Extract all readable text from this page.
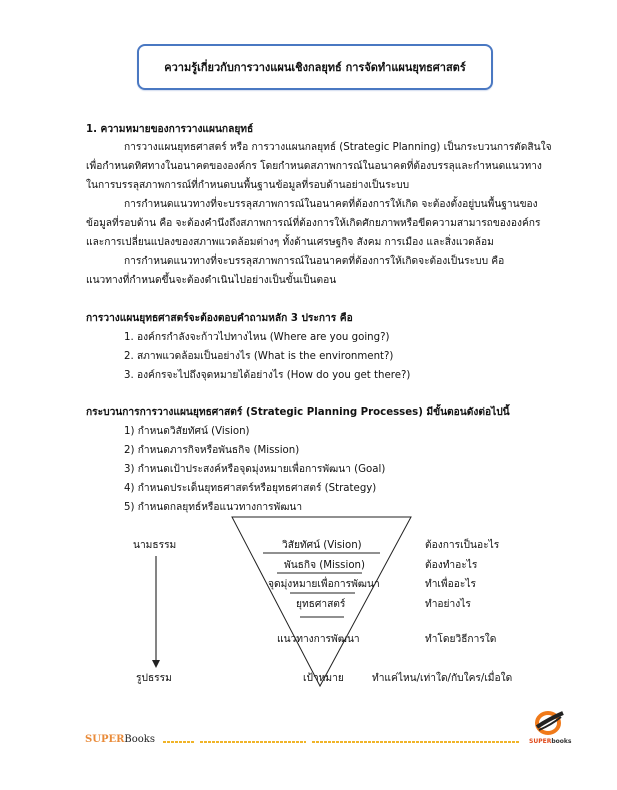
ความรู้เกี่ยวกับการวางแผนเชิงกลยุทธ์ การจัดทำแผนยุทธศาสตร์
1. ความหมายของการวางแผนกลยุทธ์
การวางแผนยุทธศาสตร์ หรือ การวางแผนกลยุทธ์ (Strategic Planning) เป็นกระบวนการตัดสินใจ
เพื่อกำหนดทิศทางในอนาคตขององค์กร โดยกำหนดสภาพการณ์ในอนาคตที่ต้องบรรลุและกำหนดแนวทาง
ในการบรรลุสภาพการณ์ที่กำหนดบนพื้นฐานข้อมูลที่รอบด้านอย่างเป็นระบบ
การกำหนดแนวทางที่จะบรรลุสภาพการณ์ในอนาคตที่ต้องการให้เกิด จะต้องตั้งอยู่บนพื้นฐานของ
ข้อมูลที่รอบด้าน คือ จะต้องคำนึงถึงสภาพการณ์ที่ต้องการให้เกิดศักยภาพหรือขีดความสามารถขององค์กร
และการเปลี่ยนแปลงของสภาพแวดล้อมต่างๆ ทั้งด้านเศรษฐกิจ สังคม การเมือง และสิ่งแวดล้อม
การกำหนดแนวทางที่จะบรรลุสภาพการณ์ในอนาคตที่ต้องการให้เกิดจะต้องเป็นระบบ คือ
แนวทางที่กำหนดขึ้นจะต้องดำเนินไปอย่างเป็นขั้นเป็นตอน
การวางแผนยุทธศาสตร์จะต้องตอบคำถามหลัก 3 ประการ คือ
1. องค์กรกำลังจะก้าวไปทางไหน (Where are you going?)
2. สภาพแวดล้อมเป็นอย่างไร (What is the environment?)
3. องค์กรจะไปถึงจุดหมายได้อย่างไร (How do you get there?)
กระบวนการการวางแผนยุทธศาสตร์ (Strategic Planning Processes) มีขั้นตอนดังต่อไปนี้
1) กำหนดวิสัยทัศน์ (Vision)
2) กำหนดภารกิจหรือพันธกิจ (Mission)
3) กำหนดเป้าประสงค์หรือจุดมุ่งหมายเพื่อการพัฒนา (Goal)
4) กำหนดประเด็นยุทธศาสตร์หรือยุทธศาสตร์ (Strategy)
5) กำหนดกลยุทธ์หรือแนวทางการพัฒนา
นามธรรม
รูปธรรม
วิสัยทัศน์ (Vision)
พันธกิจ (Mission)
จุดมุ่งหมายเพื่อการพัฒนา
ยุทธศาสตร์
แนวทางการพัฒนา
เป้าหมาย
ต้องการเป็นอะไร
ต้องทำอะไร
ทำเพื่ออะไร
ทำอย่างไร
ทำโดยวิธีการใด
ทำแค่ไหน/เท่าใด/กับใคร/เมื่อใด
SUPERBooks	SUPERbooks
